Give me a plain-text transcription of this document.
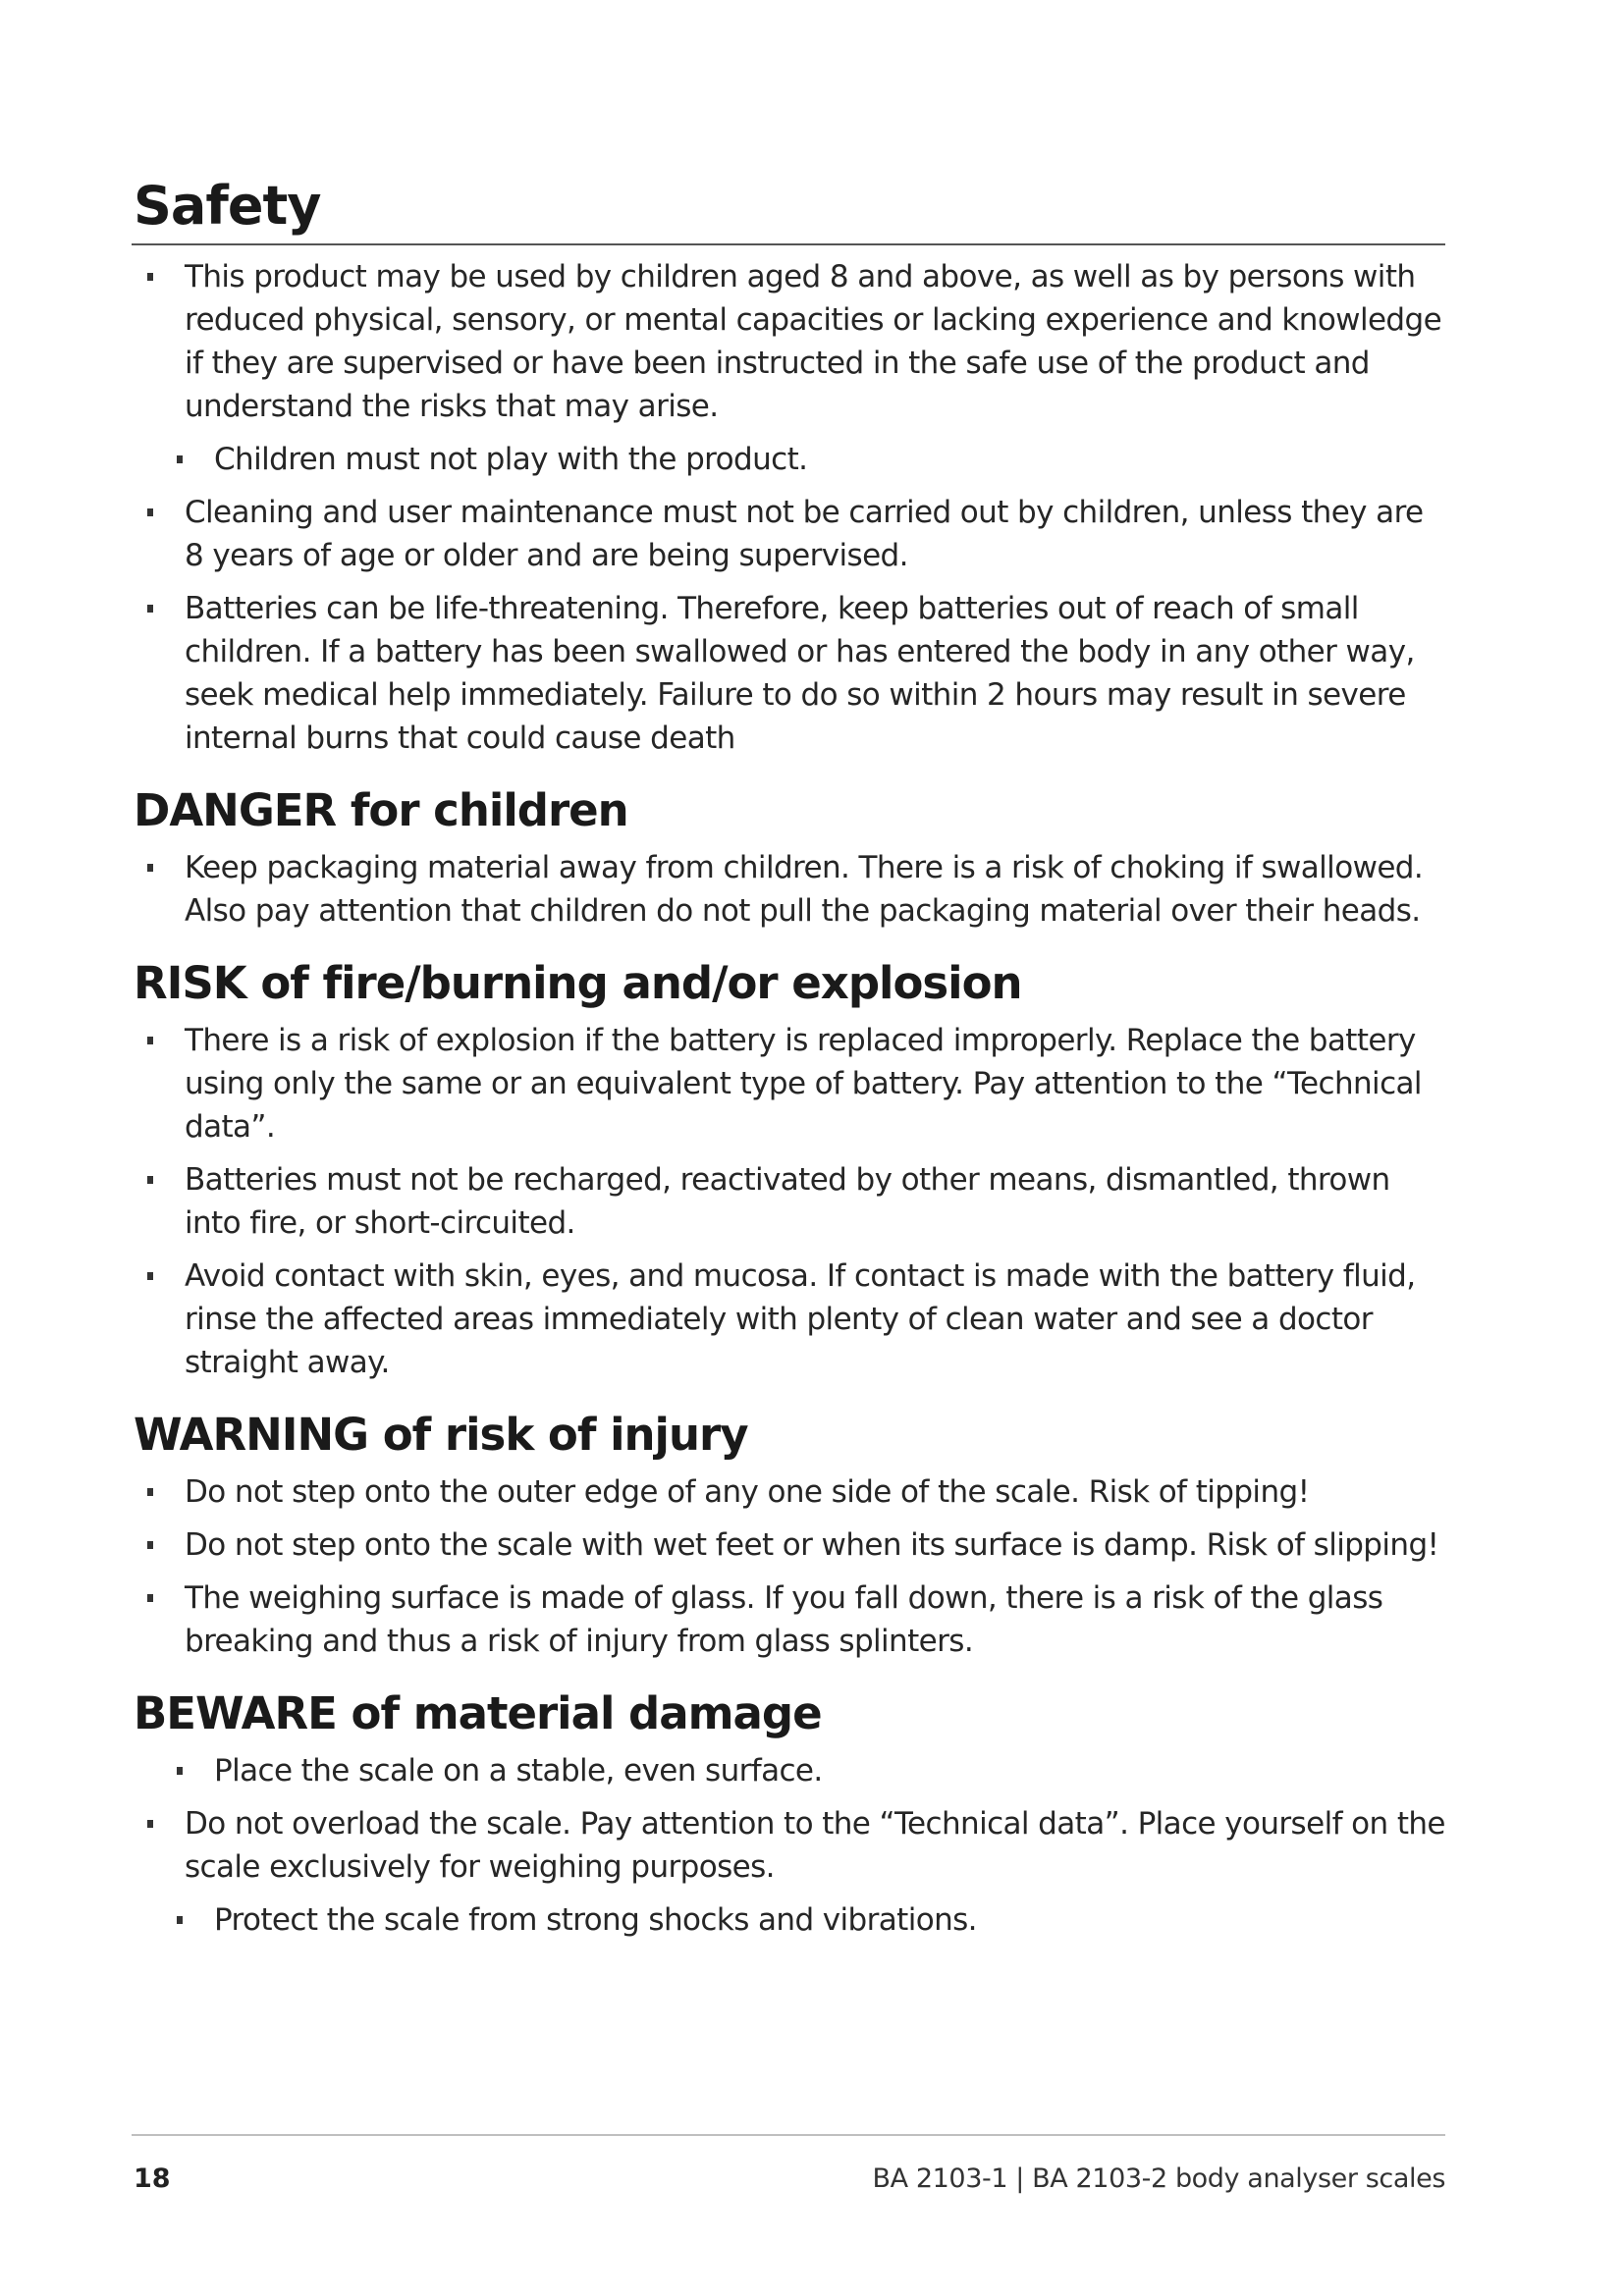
Safety
This product may be used by children aged 8 and above, as well as by persons with reduced physical, sensory, or mental capacities or lacking experience and knowledge if they are supervised or have been instructed in the safe use of the product and understand the risks that may arise.
Children must not play with the product.
Cleaning and user maintenance must not be carried out by children, unless they are 8 years of age or older and are being supervised.
Batteries can be life-threatening. Therefore, keep batteries out of reach of small children. If a battery has been swallowed or has entered the body in any other way, seek medical help immediately. Failure to do so within 2 hours may result in severe internal burns that could cause death
DANGER for children
Keep packaging material away from children. There is a risk of choking if swallowed. Also pay attention that children do not pull the packaging material over their heads.
RISK of fire/burning and/or explosion
There is a risk of explosion if the battery is replaced improperly. Replace the battery using only the same or an equivalent type of battery. Pay attention to the “Technical data”.
Batteries must not be recharged, reactivated by other means, dismantled, thrown into fire, or short-circuited.
Avoid contact with skin, eyes, and mucosa. If contact is made with the battery fluid, rinse the affected areas immediately with plenty of clean water and see a doctor straight away.
WARNING of risk of injury
Do not step onto the outer edge of any one side of the scale. Risk of tipping!
Do not step onto the scale with wet feet or when its surface is damp. Risk of slipping!
The weighing surface is made of glass. If you fall down, there is a risk of the glass breaking and thus a risk of injury from glass splinters.
BEWARE of material damage
Place the scale on a stable, even surface.
Do not overload the scale. Pay attention to the “Technical data”. Place yourself on the scale exclusively for weighing purposes.
Protect the scale from strong shocks and vibrations.
18	BA 2103-1 | BA 2103-2 body analyser scales
